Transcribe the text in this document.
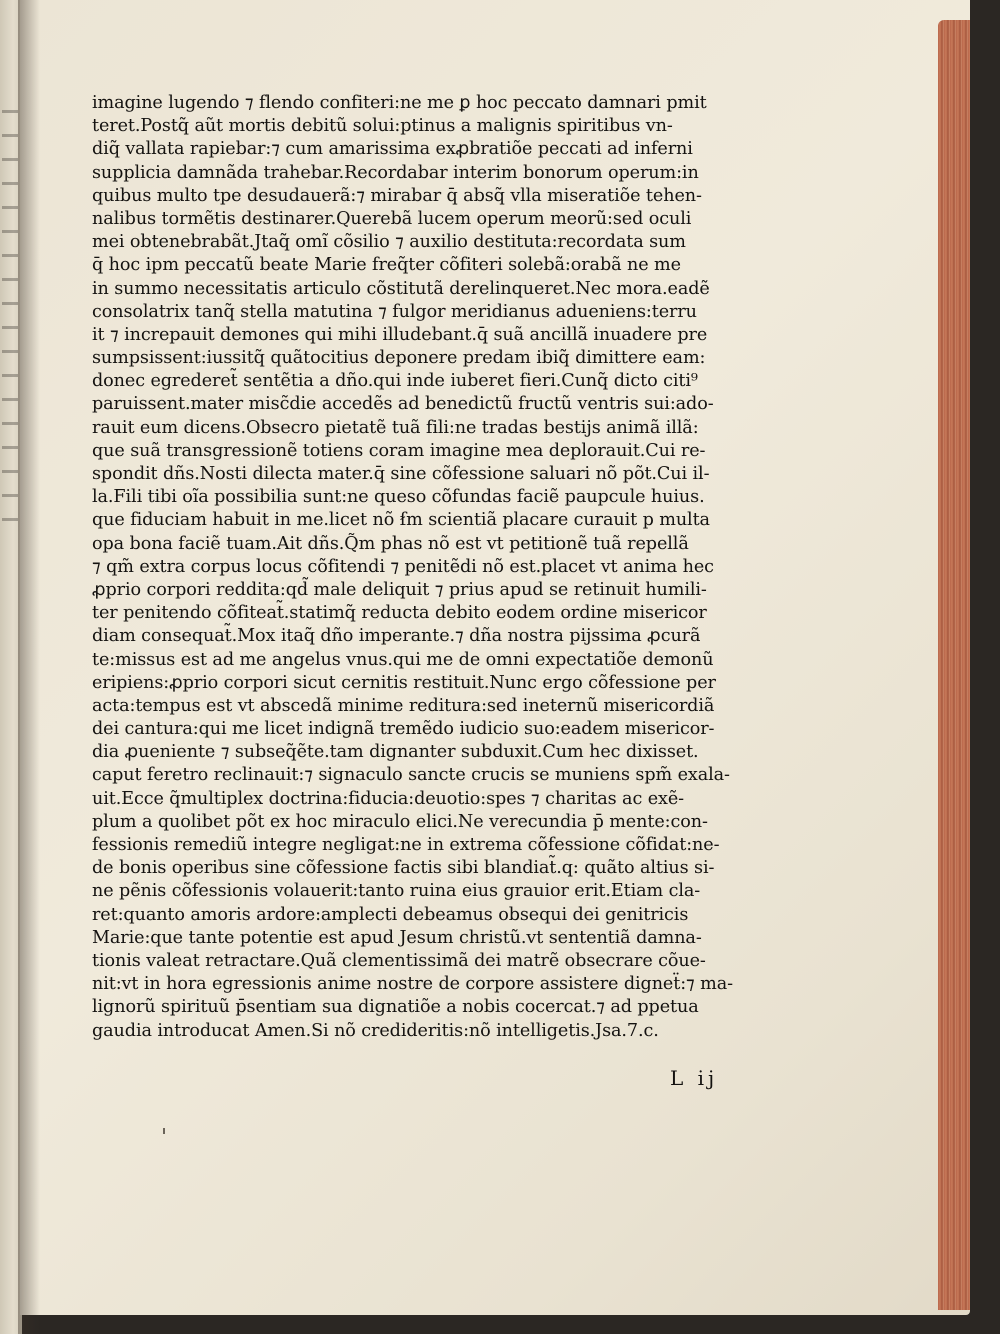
imagine lugendo ⁊ flendo confiteri:ne me ꝑ hoc peccato damnari pmit
teret.Postq̃ aũt mortis debitũ solui:ptinus a malignis spiritibus vn-
diq̃ vallata rapiebar:⁊ cum amarissima exꝓbratiõe peccati ad inferni
supplicia damnãda trahebar.Recordabar interim bonorum operum:in
quibus multo tpe desudauerã:⁊ mirabar q̄ absq̃ vlla miseratiõe tehen-
nalibus tormẽtis destinarer.Querebã lucem operum meorũ:sed oculi
mei obtenebrabãt.Jtaq̃ omĩ cõsilio ⁊ auxilio destituta:recordata sum
q̄ hoc ipm peccatũ beate Marie freq̃ter cõfiteri solebã:orabã ne me
in summo necessitatis articulo cõstitutã derelinqueret.Nec mora.eadẽ
consolatrix tanq̃ stella matutina ⁊ fulgor meridianus adueniens:terru
it ⁊ increpauit demones qui mihi illudebant.q̄ suã ancillã inuadere pre
sumpsissent:iussitq̃ quãtocitius deponere predam ibiq̃ dimittere eam:
donec egrederet̃ sentẽtia a dño.qui inde iuberet fieri.Cunq̃ dicto citi⁹
paruissent.mater misc̃die accedẽs ad benedictũ fructũ ventris sui:ado-
rauit eum dicens.Obsecro pietatẽ tuã fili:ne tradas bestijs animã illã:
que suã transgressionẽ totiens coram imagine mea deplorauit.Cui re-
spondit dñs.Nosti dilecta mater.q̄ sine cõfessione saluari nõ põt.Cui il-
la.Fili tibi oĩa possibilia sunt:ne queso cõfundas faciẽ paupcule huius.
que fiduciam habuit in me.licet nõ ẜm scientiã placare curauit p multa
opa bona faciẽ tuam.Ait dñs.Q̃m phas nõ est vt petitionẽ tuã repellã
⁊ qm̃ extra corpus locus cõfitendi ⁊ penitẽdi nõ est.placet vt anima hec
ꝓprio corpori reddita:qd̃ male deliquit ⁊ prius apud se retinuit humili-
ter penitendo cõfiteat̃.statimq̃ reducta debito eodem ordine misericor
diam consequat̃.Mox itaq̃ dño imperante.⁊ dña nostra pijssima ꝓcurã
te:missus est ad me angelus vnus.qui me de omni expectatiõe demonũ
eripiens:ꝓprio corpori sicut cernitis restituit.Nunc ergo cõfessione per
acta:tempus est vt abscedã minime reditura:sed ineternũ misericordiã
dei cantura:qui me licet indignã tremẽdo iudicio suo:eadem misericor-
dia ꝓueniente ⁊ subseq̃ẽte.tam dignanter subduxit.Cum hec dixisset.
caput feretro reclinauit:⁊ signaculo sancte crucis se muniens spm̃ exala-
uit.Ecce q̃multiplex doctrina:fiducia:deuotio:spes ⁊ charitas ac exẽ-
plum a quolibet põt ex hoc miraculo elici.Ne verecundia p̄ mente:con-
fessionis remediũ integre negligat:ne in extrema cõfessione cõfidat:ne-
de bonis operibus sine cõfessione factis sibi blandiat̃.q: quãto altius si-
ne pẽnis cõfessionis volauerit:tanto ruina eius grauior erit.Etiam cla-
ret:quanto amoris ardore:amplecti debeamus obsequi dei genitricis
Marie:que tante potentie est apud Jesum christũ.vt sententiã damna-
tionis valeat retractare.Quã clementissimã dei matrẽ obsecrare cõue-
nit:vt in hora egressionis anime nostre de corpore assistere digneẗ:⁊ ma-
lignorũ spirituũ p̄sentiam sua dignatiõe a nobis cocercat.⁊ ad ppetua
gaudia introducat Amen.Si nõ credideritis:nõ intelligetis.Jsa.7.c.
L ij
